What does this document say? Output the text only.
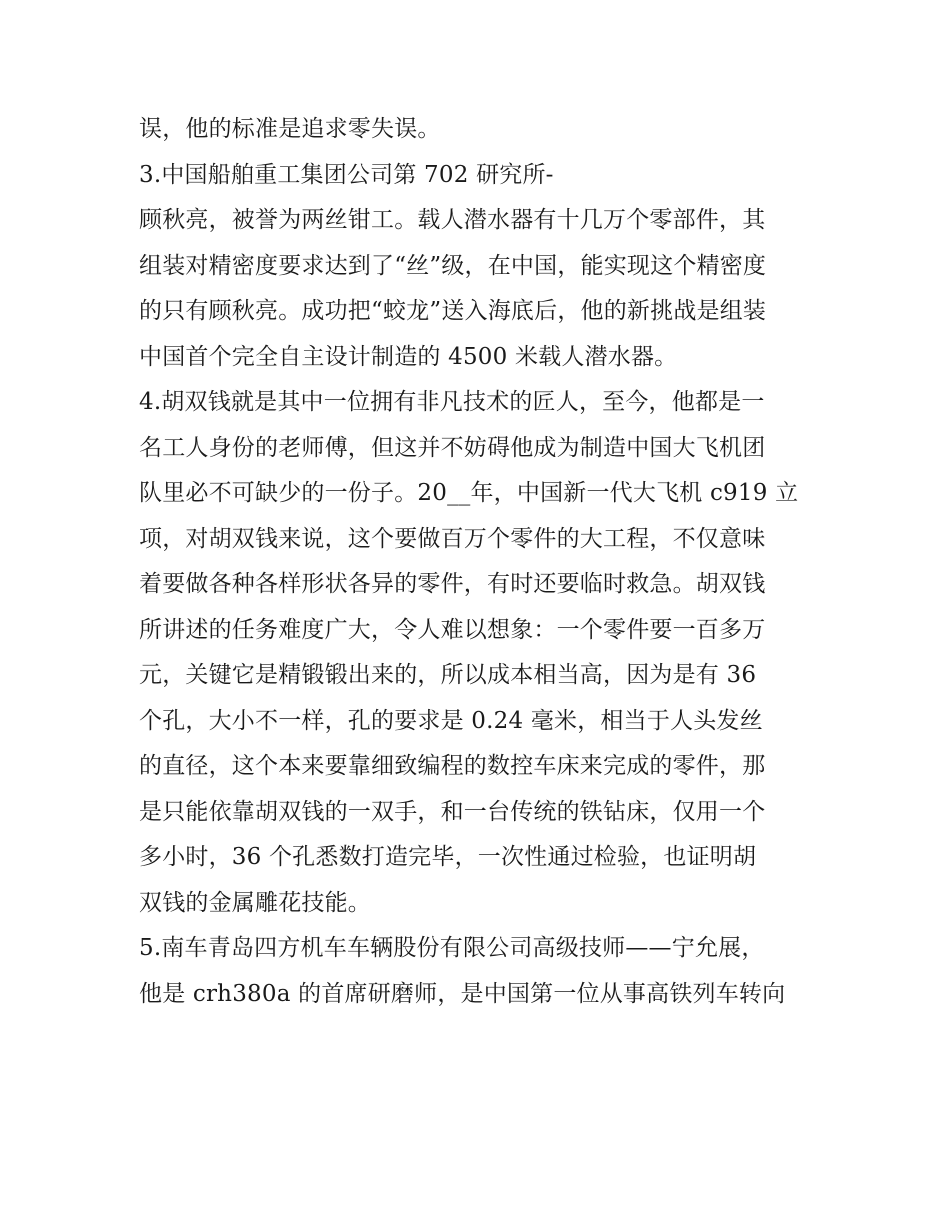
误，他的标准是追求零失误。
3.中国船舶重工集团公司第 702 研究所-
顾秋亮，被誉为两丝钳工。载人潜水器有十几万个零部件，其
组装对精密度要求达到了“丝”级，在中国，能实现这个精密度
的只有顾秋亮。成功把“蛟龙”送入海底后，他的新挑战是组装
中国首个完全自主设计制造的 4500 米载人潜水器。
4.胡双钱就是其中一位拥有非凡技术的匠人，至今，他都是一
名工人身份的老师傅，但这并不妨碍他成为制造中国大飞机团
队里必不可缺少的一份子。20__年，中国新一代大飞机 c919 立
项，对胡双钱来说，这个要做百万个零件的大工程，不仅意味
着要做各种各样形状各异的零件，有时还要临时救急。胡双钱
所讲述的任务难度广大，令人难以想象：一个零件要一百多万
元，关键它是精锻锻出来的，所以成本相当高，因为是有 36
个孔，大小不一样，孔的要求是 0.24 毫米，相当于人头发丝
的直径，这个本来要靠细致编程的数控车床来完成的零件，那
是只能依靠胡双钱的一双手，和一台传统的铁钻床，仅用一个
多小时，36 个孔悉数打造完毕，一次性通过检验，也证明胡
双钱的金属雕花技能。
5.南车青岛四方机车车辆股份有限公司高级技师——宁允展，
他是 crh380a 的首席研磨师，是中国第一位从事高铁列车转向
